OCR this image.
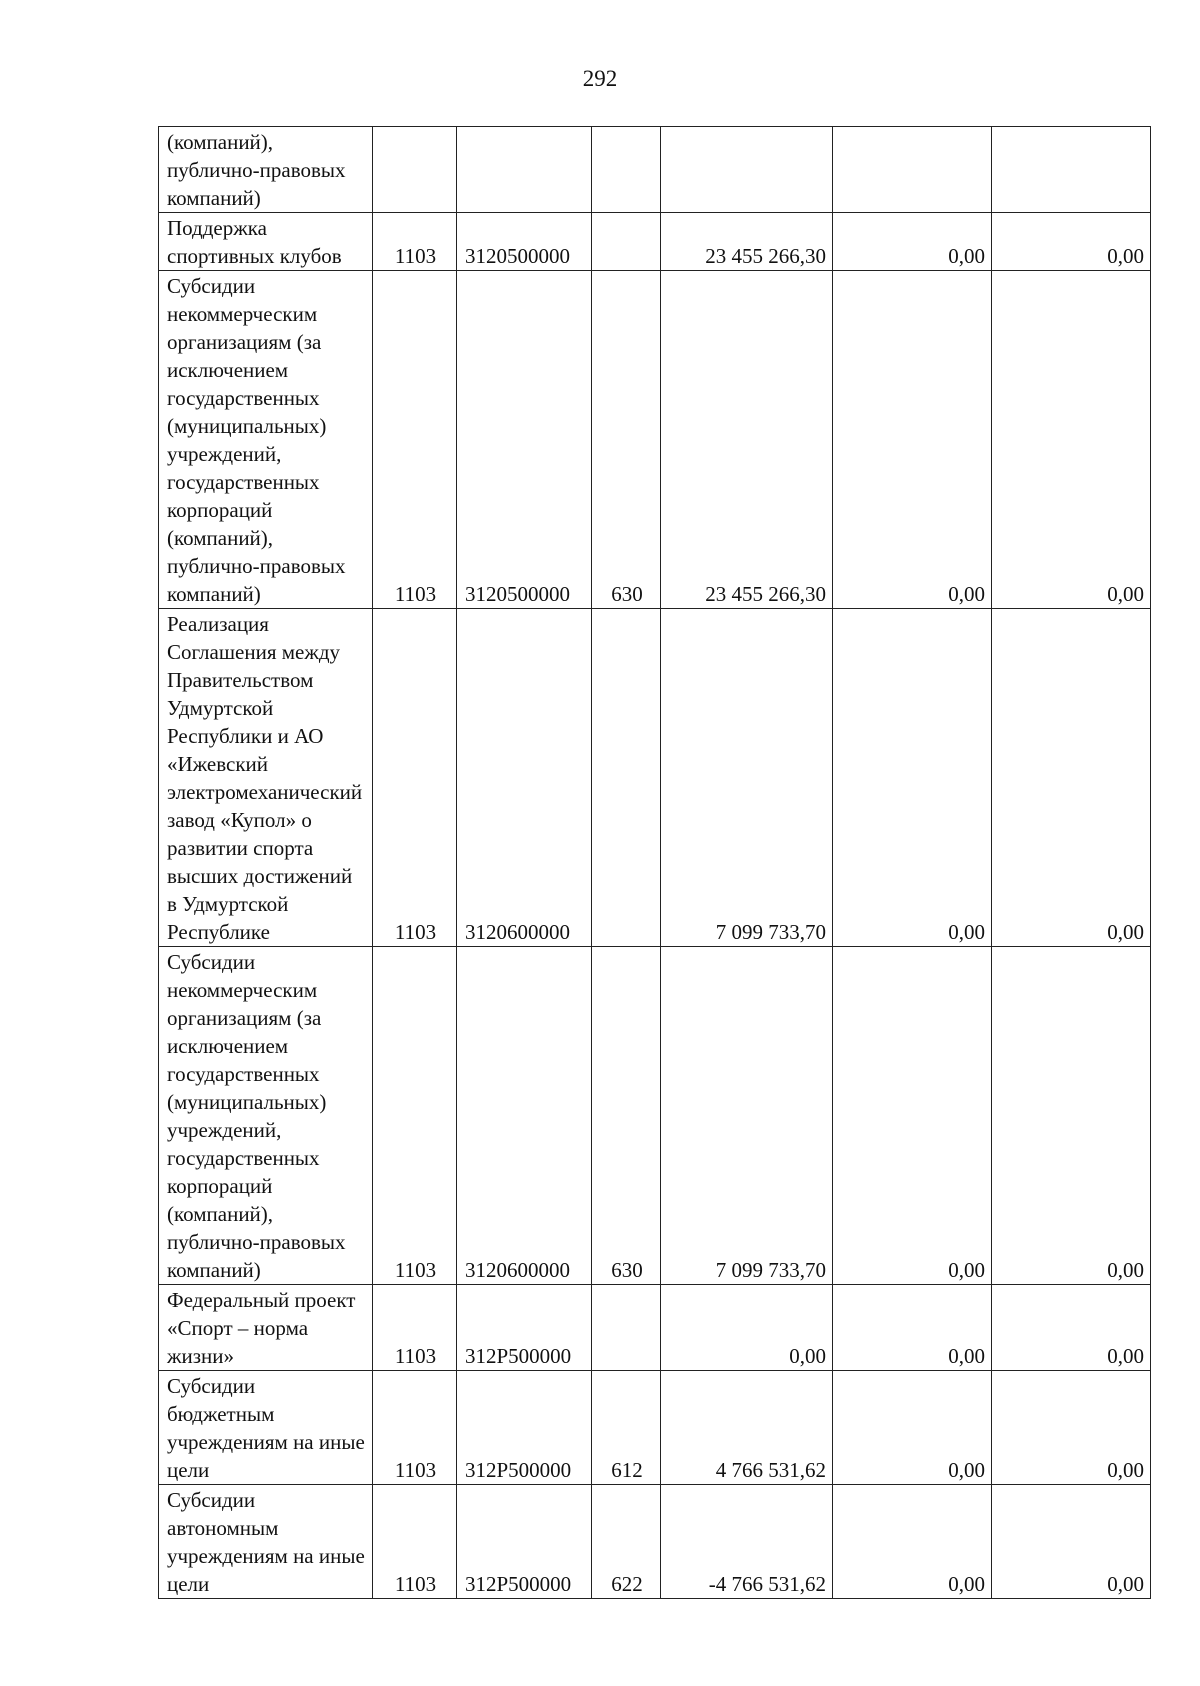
292
(компаний), публично-правовых компаний)						
Поддержка спортивных клубов	1103	3120500000		23 455 266,30	0,00	0,00
Субсидии некоммерческим организациям (за исключением государственных (муниципальных) учреждений, государственных корпораций (компаний), публично-правовых компаний)	1103	3120500000	630	23 455 266,30	0,00	0,00
Реализация Соглашения между Правительством Удмуртской Республики и АО «Ижевский электромеханический завод «Купол» о развитии спорта высших достижений в Удмуртской Республике	1103	3120600000		7 099 733,70	0,00	0,00
Субсидии некоммерческим организациям (за исключением государственных (муниципальных) учреждений, государственных корпораций (компаний), публично-правовых компаний)	1103	3120600000	630	7 099 733,70	0,00	0,00
Федеральный проект «Спорт – норма жизни»	1103	312P500000		0,00	0,00	0,00
Субсидии бюджетным учреждениям на иные цели	1103	312P500000	612	4 766 531,62	0,00	0,00
Субсидии автономным учреждениям на иные цели	1103	312P500000	622	-4 766 531,62	0,00	0,00
